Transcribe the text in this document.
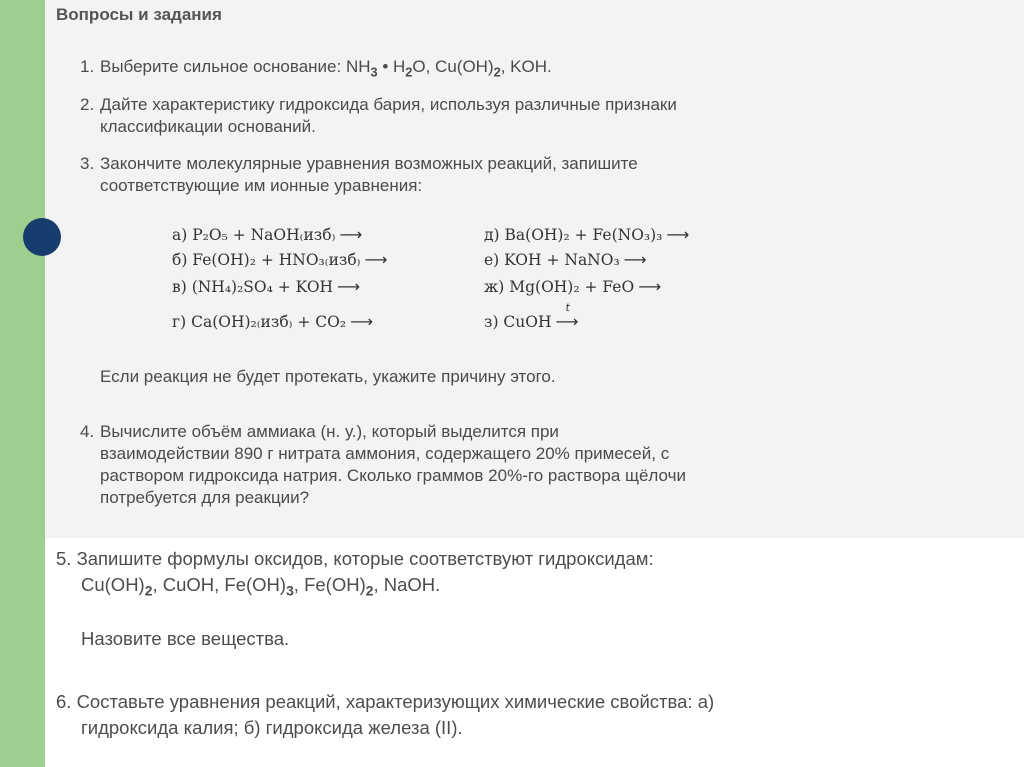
Вопросы и задания
1. Выберите сильное основание: $NH_3$ • $H_2O$, $Cu(OH)_2$, KOH.
2. Дайте характеристику гидроксида бария, используя различные признаки
классификации оснований.
3. Закончите молекулярные уравнения возможных реакций, запишите
соответствующие им ионные уравнения:
а) P₂O₅ + NaOH₍изб₎ ⟶
б) Fe(OH)₂ + HNO₃₍изб₎ ⟶
в) (NH₄)₂SO₄ + KOH ⟶
г) Ca(OH)₂₍изб₎ + CO₂ ⟶
д) Ba(OH)₂ + Fe(NO₃)₃ ⟶
е) KOH + NaNO₃ ⟶
ж) Mg(OH)₂ + FeO ⟶
з) CuOH
t
⟶
Если реакция не будет протекать, укажите причину этого.
4. Вычислите объём аммиака (н. у.), который выделится при
взаимодействии 890 г нитрата аммония, содержащего 20% примесей, с
раствором гидроксида натрия. Сколько граммов 20%-го раствора щёлочи
потребуется для реакции?
5. Запишите формулы оксидов, которые соответствуют гидроксидам:
$Cu(OH)_2$, CuOH, $Fe(OH)_3$, $Fe(OH)_2$, NaOH.
Назовите все вещества.
6. Составьте уравнения реакций, характеризующих химические свойства: а)
гидроксида калия; б) гидроксида железа (II).
